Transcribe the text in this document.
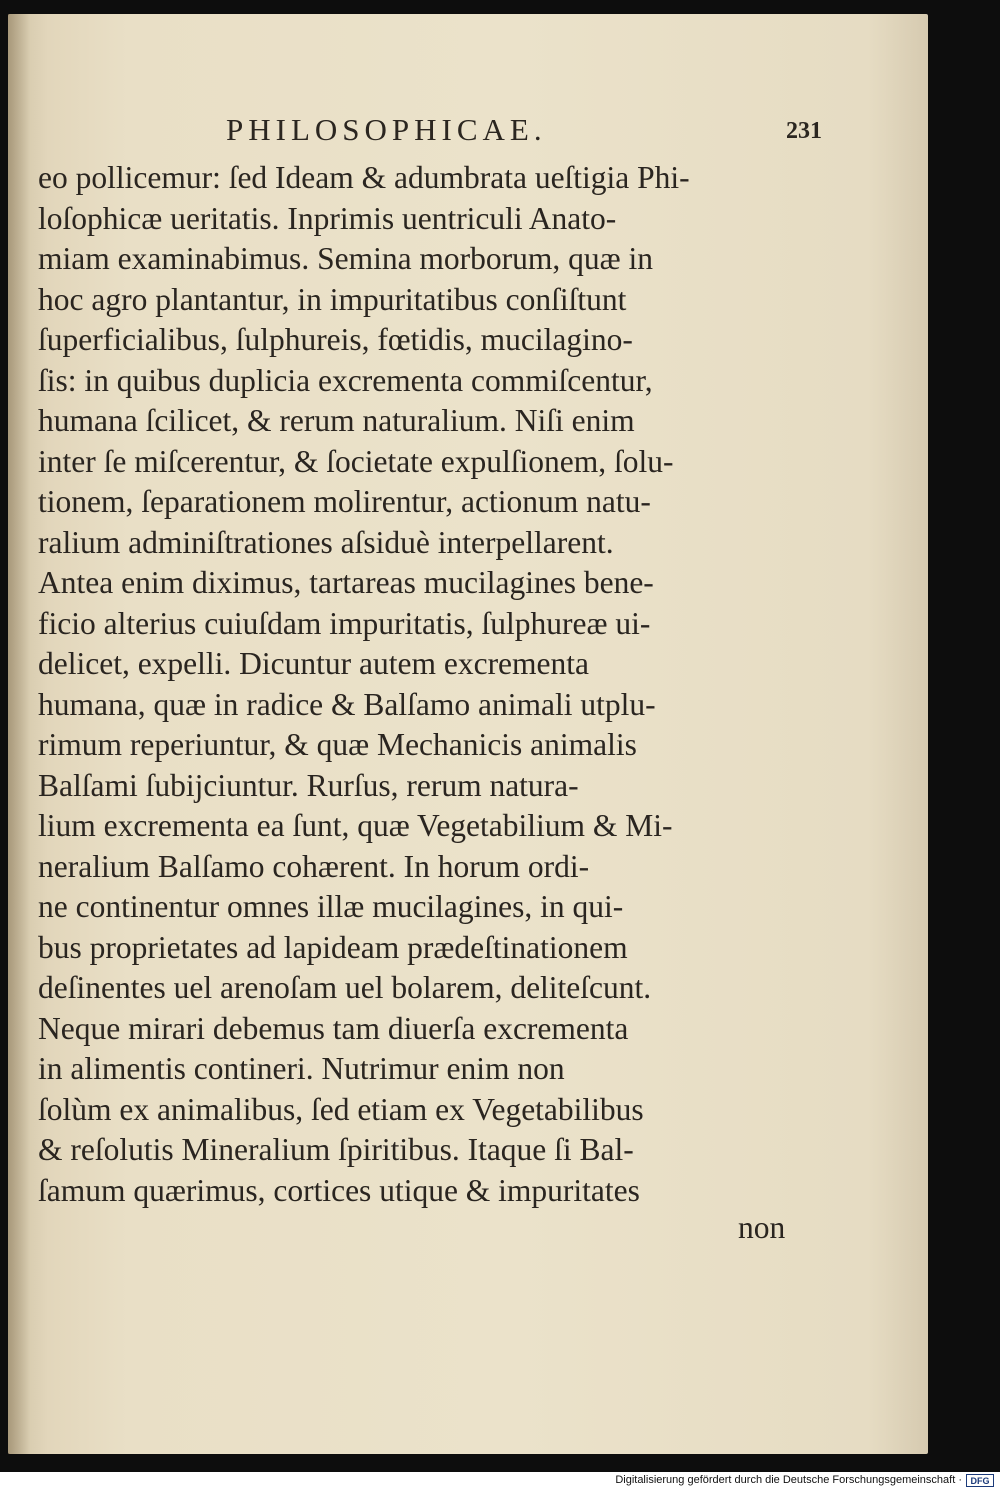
PHILOSOPHICAE.	231
eo pollicemur: ſed Ideam & adumbrata ueſtigia Phi-
loſophicæ ueritatis. Inprimis uentriculi Anato-
miam examinabimus. Semina morborum, quæ in
hoc agro plantantur, in impuritatibus conſiſtunt
ſuperficialibus, ſulphureis, fœtidis, mucilagino-
ſis: in quibus duplicia excrementa commiſcentur,
humana ſcilicet, & rerum naturalium. Niſi enim
inter ſe miſcerentur, & ſocietate expulſionem, ſolu-
tionem, ſeparationem molirentur, actionum natu-
ralium adminiſtrationes aſsiduè interpellarent.
Antea enim diximus, tartareas mucilagines bene-
ficio alterius cuiuſdam impuritatis, ſulphureæ ui-
delicet, expelli. Dicuntur autem excrementa
humana, quæ in radice & Balſamo animali utplu-
rimum reperiuntur, & quæ Mechanicis animalis
Balſami ſubijciuntur. Rurſus, rerum natura-
lium excrementa ea ſunt, quæ Vegetabilium & Mi-
neralium Balſamo cohærent. In horum ordi-
ne continentur omnes illæ mucilagines, in qui-
bus proprietates ad lapideam prædeſtinationem
deſinentes uel arenoſam uel bolarem, deliteſcunt.
Neque mirari debemus tam diuerſa excrementa
in alimentis contineri. Nutrimur enim non
ſolùm ex animalibus, ſed etiam ex Vegetabilibus
& reſolutis Mineralium ſpiritibus. Itaque ſi Bal-
ſamum quærimus, cortices utique & impuritates
non
Digitalisierung gefördert durch die Deutsche Forschungsgemeinschaft · DFG
